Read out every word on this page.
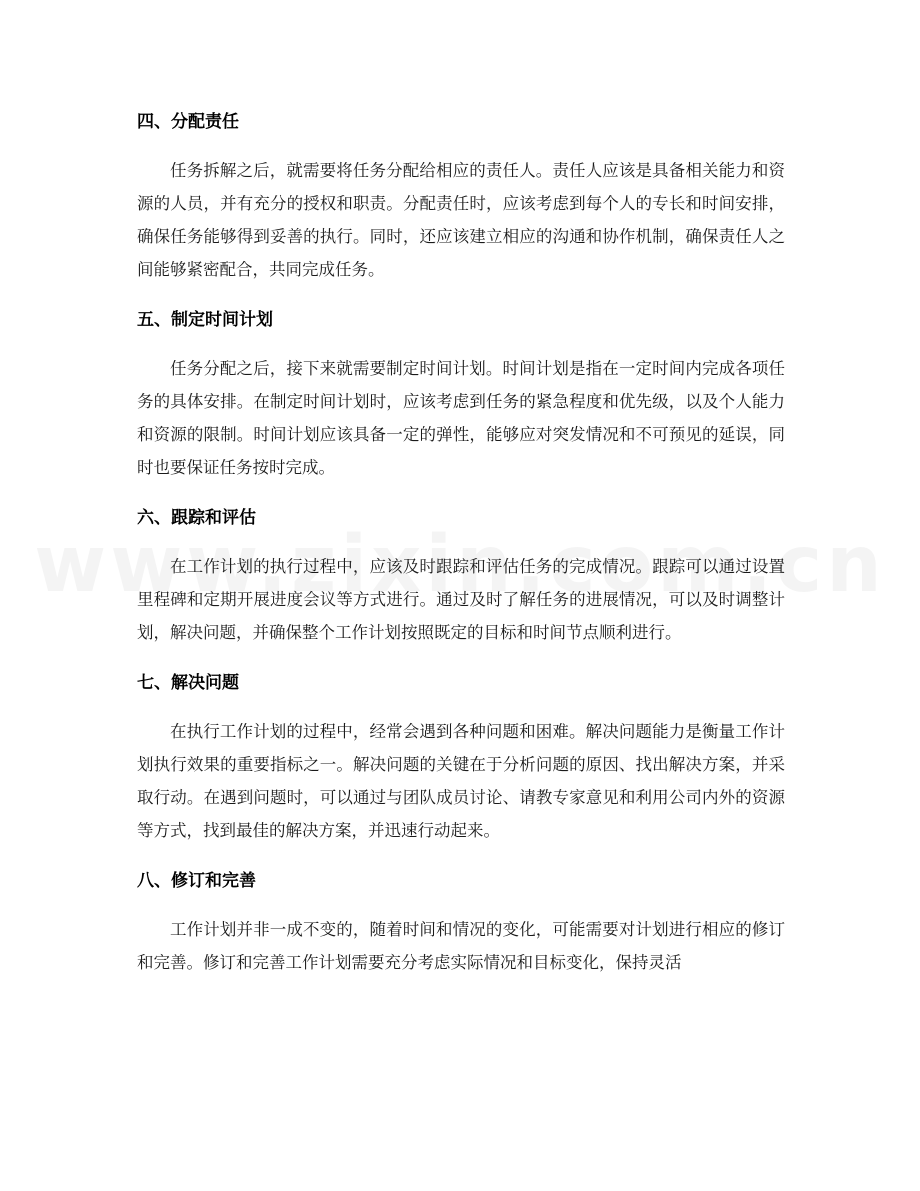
四、分配责任

任务拆解之后，就需要将任务分配给相应的责任人。责任人应该是具备相关能力和资源的人员，并有充分的授权和职责。分配责任时，应该考虑到每个人的专长和时间安排，确保任务能够得到妥善的执行。同时，还应该建立相应的沟通和协作机制，确保责任人之间能够紧密配合，共同完成任务。

五、制定时间计划

任务分配之后，接下来就需要制定时间计划。时间计划是指在一定时间内完成各项任务的具体安排。在制定时间计划时，应该考虑到任务的紧急程度和优先级，以及个人能力和资源的限制。时间计划应该具备一定的弹性，能够应对突发情况和不可预见的延误，同时也要保证任务按时完成。

六、跟踪和评估

在工作计划的执行过程中，应该及时跟踪和评估任务的完成情况。跟踪可以通过设置里程碑和定期开展进度会议等方式进行。通过及时了解任务的进展情况，可以及时调整计划，解决问题，并确保整个工作计划按照既定的目标和时间节点顺利进行。

七、解决问题

在执行工作计划的过程中，经常会遇到各种问题和困难。解决问题能力是衡量工作计划执行效果的重要指标之一。解决问题的关键在于分析问题的原因、找出解决方案，并采取行动。在遇到问题时，可以通过与团队成员讨论、请教专家意见和利用公司内外的资源等方式，找到最佳的解决方案，并迅速行动起来。

八、修订和完善

工作计划并非一成不变的，随着时间和情况的变化，可能需要对计划进行相应的修订和完善。修订和完善工作计划需要充分考虑实际情况和目标变化，保持灵活
